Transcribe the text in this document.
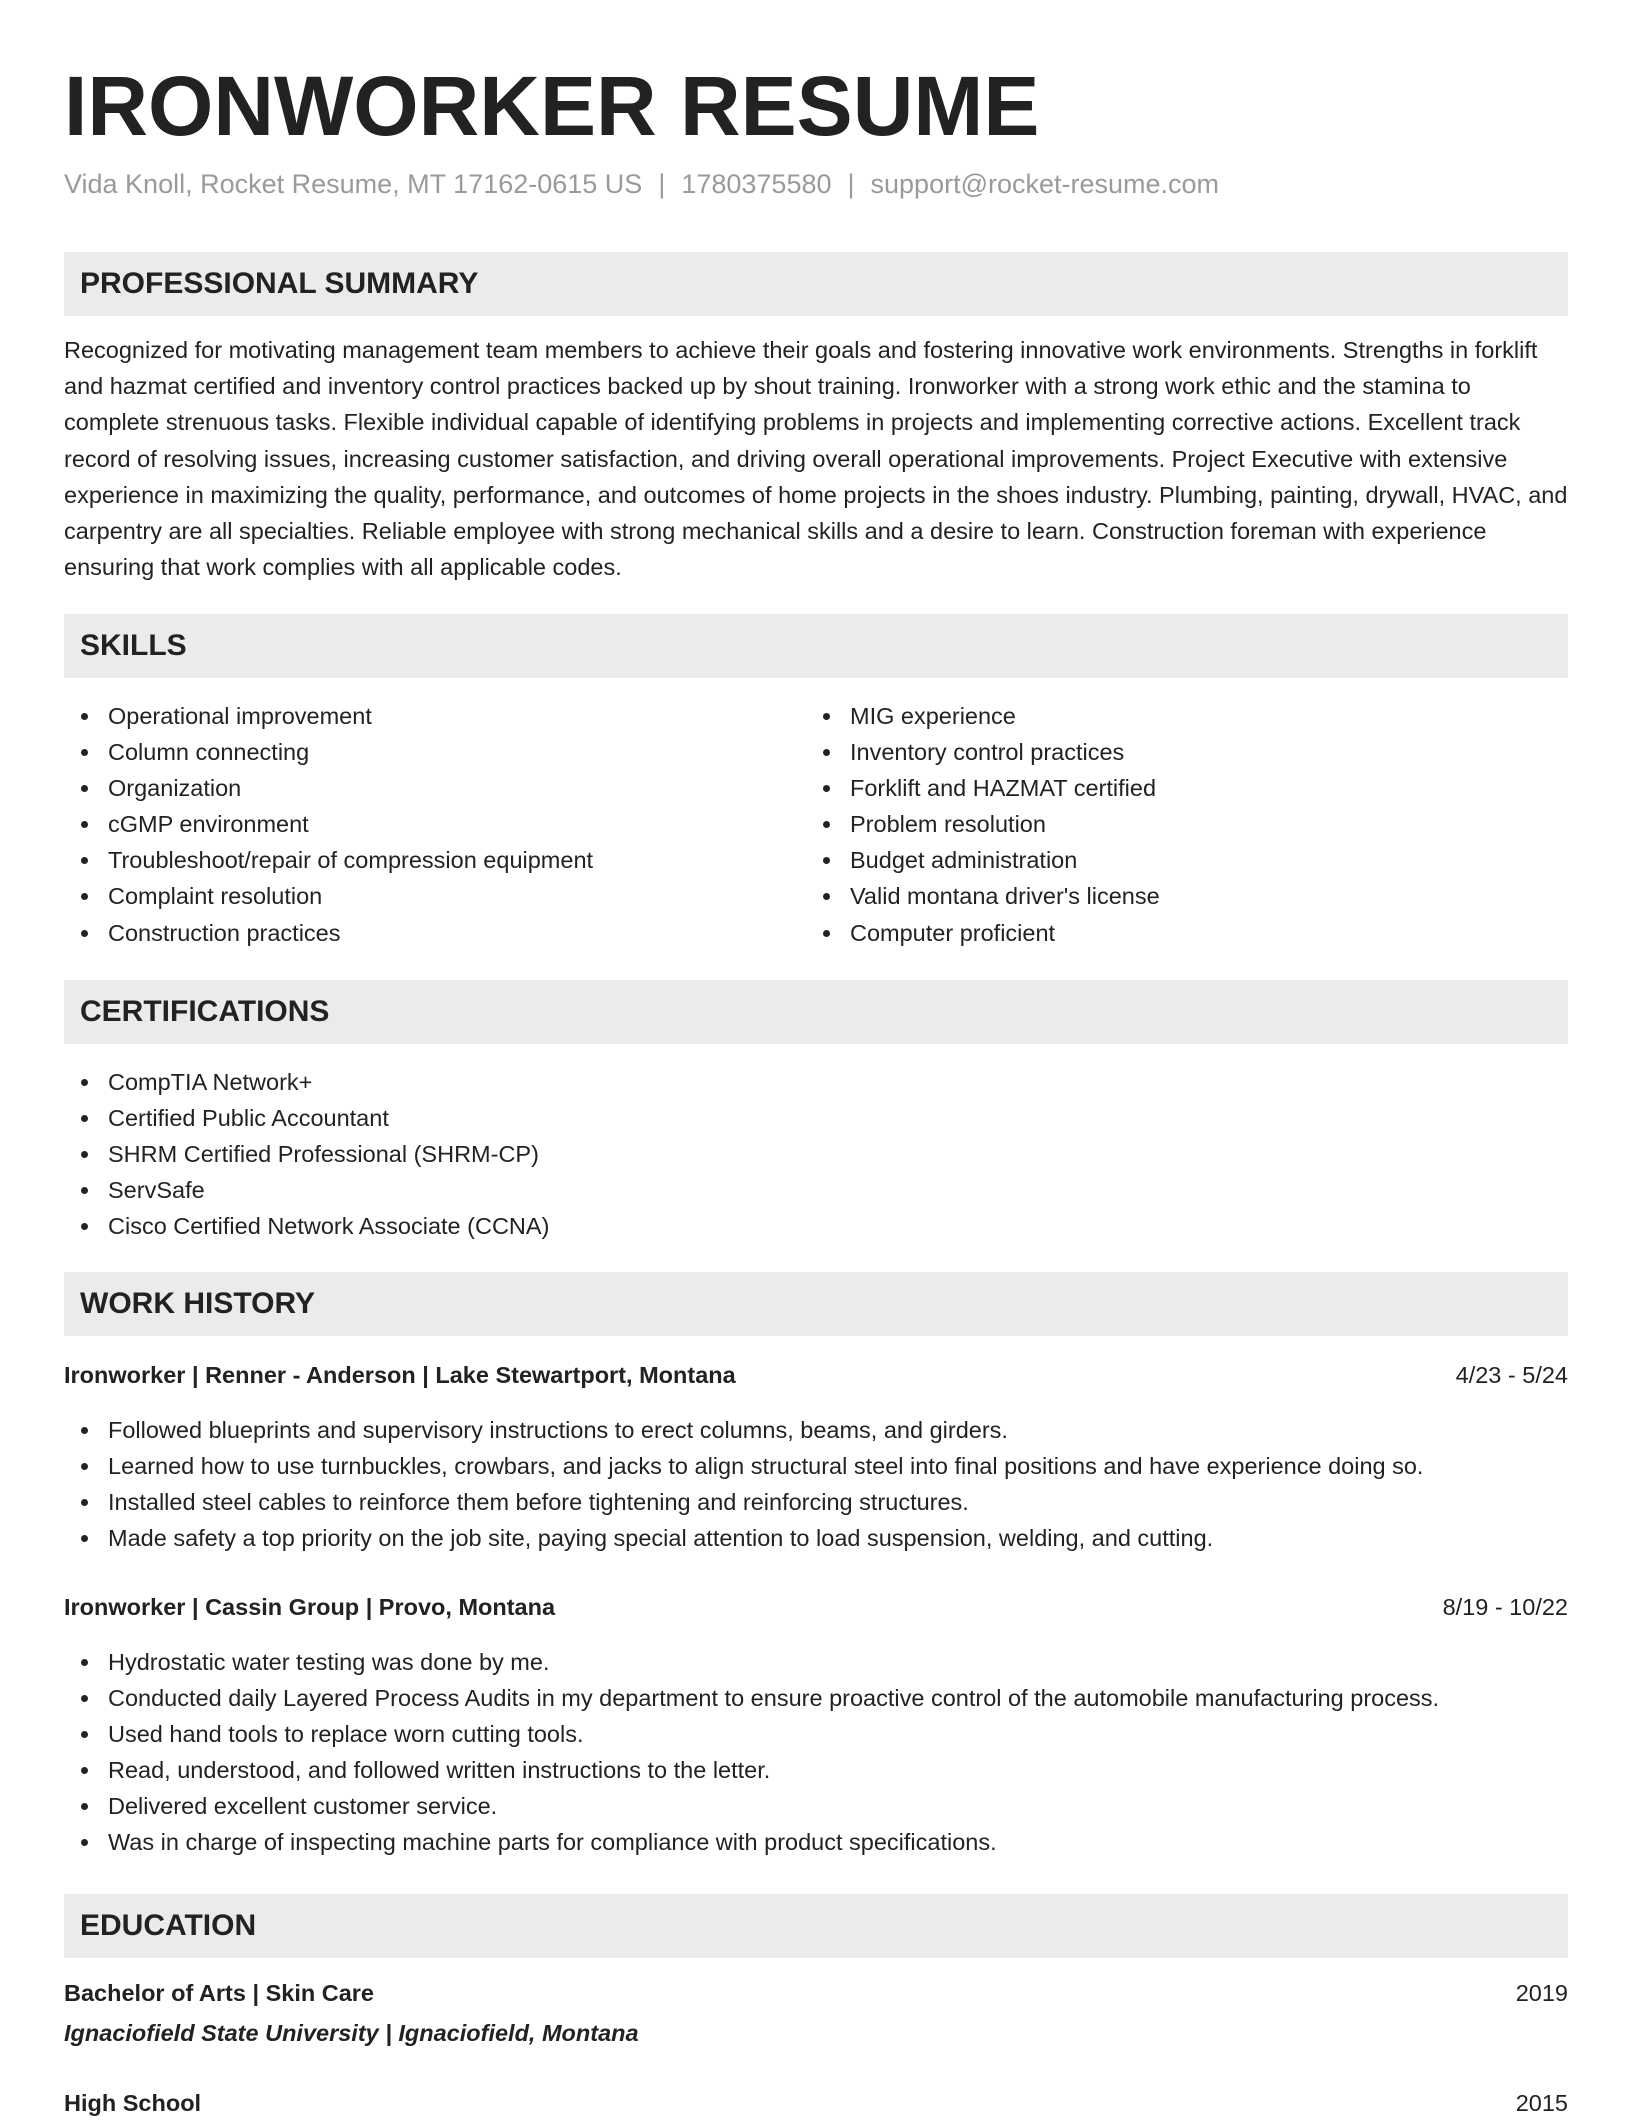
IRONWORKER RESUME
Vida Knoll, Rocket Resume, MT 17162-0615 US | 1780375580 | support@rocket-resume.com
PROFESSIONAL SUMMARY

Recognized for motivating management team members to achieve their goals and fostering innovative work environments. Strengths in forklift and hazmat certified and inventory control practices backed up by shout training. Ironworker with a strong work ethic and the stamina to complete strenuous tasks. Flexible individual capable of identifying problems in projects and implementing corrective actions. Excellent track record of resolving issues, increasing customer satisfaction, and driving overall operational improvements. Project Executive with extensive experience in maximizing the quality, performance, and outcomes of home projects in the shoes industry. Plumbing, painting, drywall, HVAC, and carpentry are all specialties. Reliable employee with strong mechanical skills and a desire to learn. Construction foreman with experience ensuring that work complies with all applicable codes.

SKILLS
Operational improvement
Column connecting
Organization
cGMP environment
Troubleshoot/repair of compression equipment
Complaint resolution
Construction practices
MIG experience
Inventory control practices
Forklift and HAZMAT certified
Problem resolution
Budget administration
Valid montana driver's license
Computer proficient
CERTIFICATIONS
CompTIA Network+
Certified Public Accountant
SHRM Certified Professional (SHRM-CP)
ServSafe
Cisco Certified Network Associate (CCNA)
WORK HISTORY
Ironworker | Renner - Anderson | Lake Stewartport, Montana	4/23 - 5/24
Followed blueprints and supervisory instructions to erect columns, beams, and girders.
Learned how to use turnbuckles, crowbars, and jacks to align structural steel into final positions and have experience doing so.
Installed steel cables to reinforce them before tightening and reinforcing structures.
Made safety a top priority on the job site, paying special attention to load suspension, welding, and cutting.
Ironworker | Cassin Group | Provo, Montana	8/19 - 10/22
Hydrostatic water testing was done by me.
Conducted daily Layered Process Audits in my department to ensure proactive control of the automobile manufacturing process.
Used hand tools to replace worn cutting tools.
Read, understood, and followed written instructions to the letter.
Delivered excellent customer service.
Was in charge of inspecting machine parts for compliance with product specifications.
EDUCATION
Bachelor of Arts | Skin Care	2019
Ignaciofield State University | Ignaciofield, Montana
High School	2015
